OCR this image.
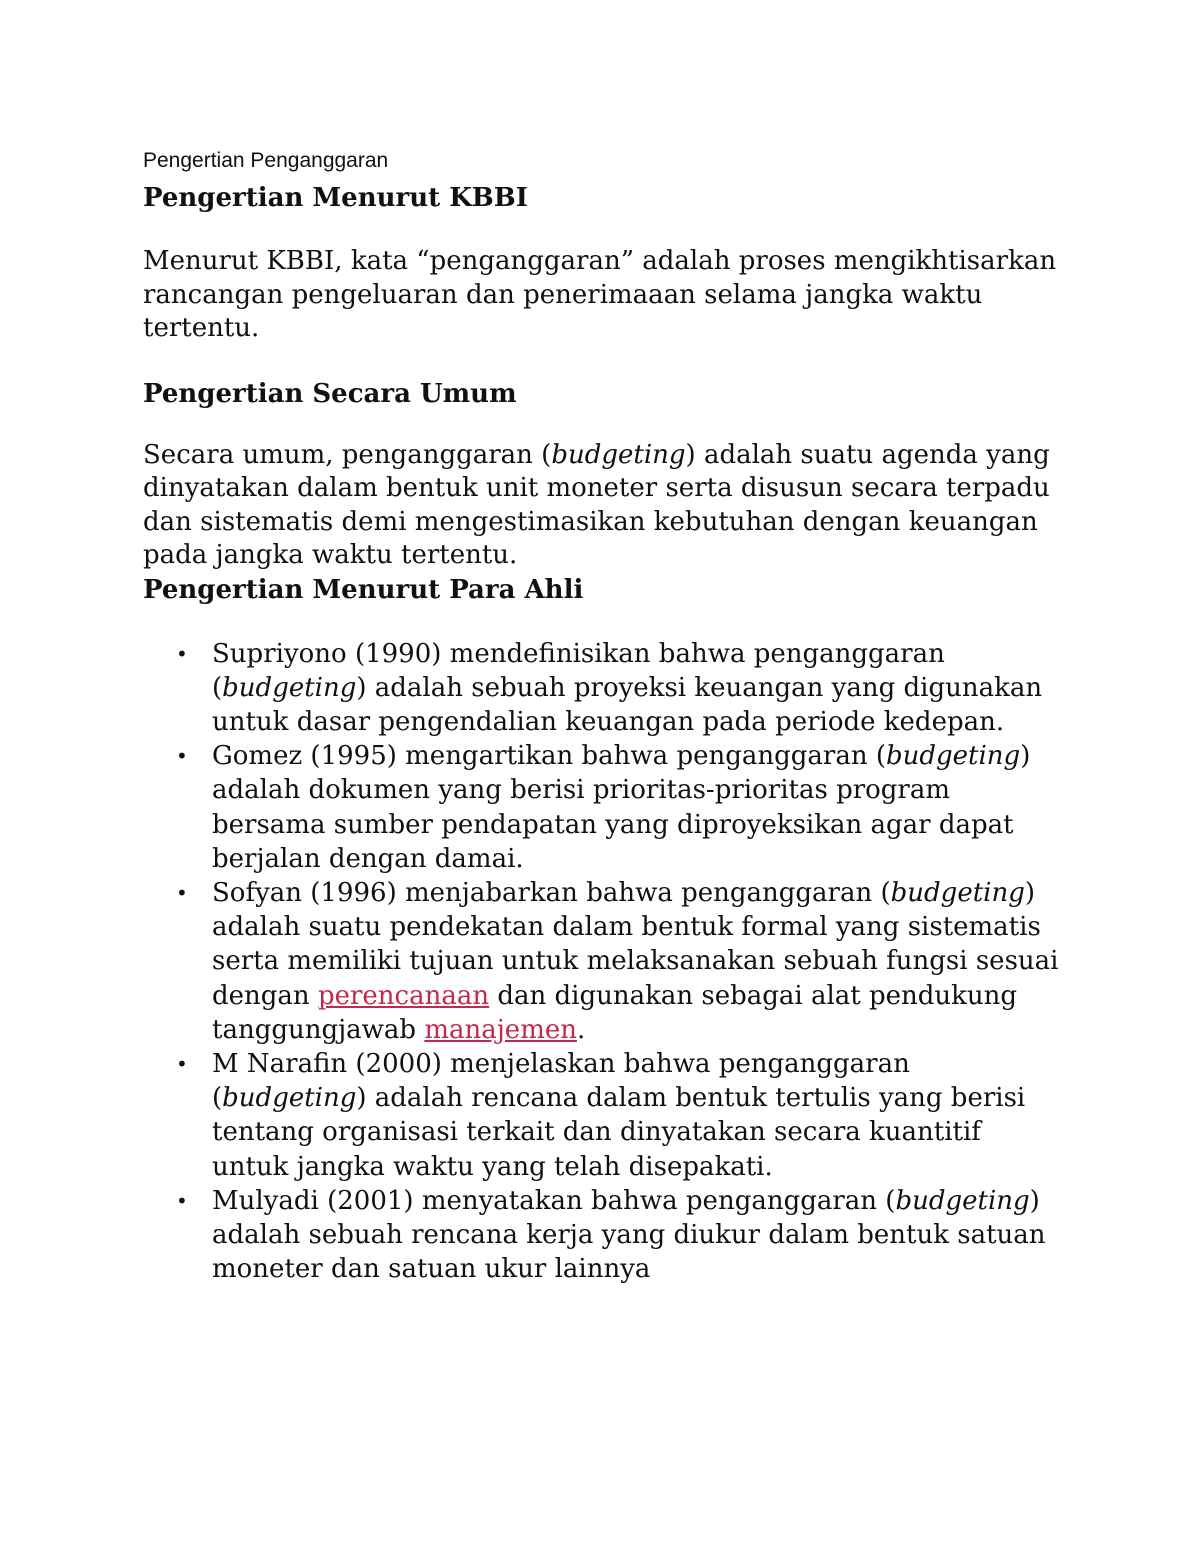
Pengertian Penganggaran
Pengertian Menurut KBBI
Menurut KBBI, kata “penganggaran” adalah proses mengikhtisarkan rancangan pengeluaran dan penerimaaan selama jangka waktu tertentu.
Pengertian Secara Umum
Secara umum, penganggaran (budgeting) adalah suatu agenda yang dinyatakan dalam bentuk unit moneter serta disusun secara terpadu dan sistematis demi mengestimasikan kebutuhan dengan keuangan pada jangka waktu tertentu.
Pengertian Menurut Para Ahli
• Supriyono (1990) mendefinisikan bahwa penganggaran (budgeting) adalah sebuah proyeksi keuangan yang digunakan untuk dasar pengendalian keuangan pada periode kedepan.
• Gomez (1995) mengartikan bahwa penganggaran (budgeting) adalah dokumen yang berisi prioritas-prioritas program bersama sumber pendapatan yang diproyeksikan agar dapat berjalan dengan damai.
• Sofyan (1996) menjabarkan bahwa penganggaran (budgeting) adalah suatu pendekatan dalam bentuk formal yang sistematis serta memiliki tujuan untuk melaksanakan sebuah fungsi sesuai dengan perencanaan dan digunakan sebagai alat pendukung tanggungjawab manajemen.
• M Narafin (2000) menjelaskan bahwa penganggaran (budgeting) adalah rencana dalam bentuk tertulis yang berisi tentang organisasi terkait dan dinyatakan secara kuantitif untuk jangka waktu yang telah disepakati.
• Mulyadi (2001) menyatakan bahwa penganggaran (budgeting) adalah sebuah rencana kerja yang diukur dalam bentuk satuan moneter dan satuan ukur lainnya
